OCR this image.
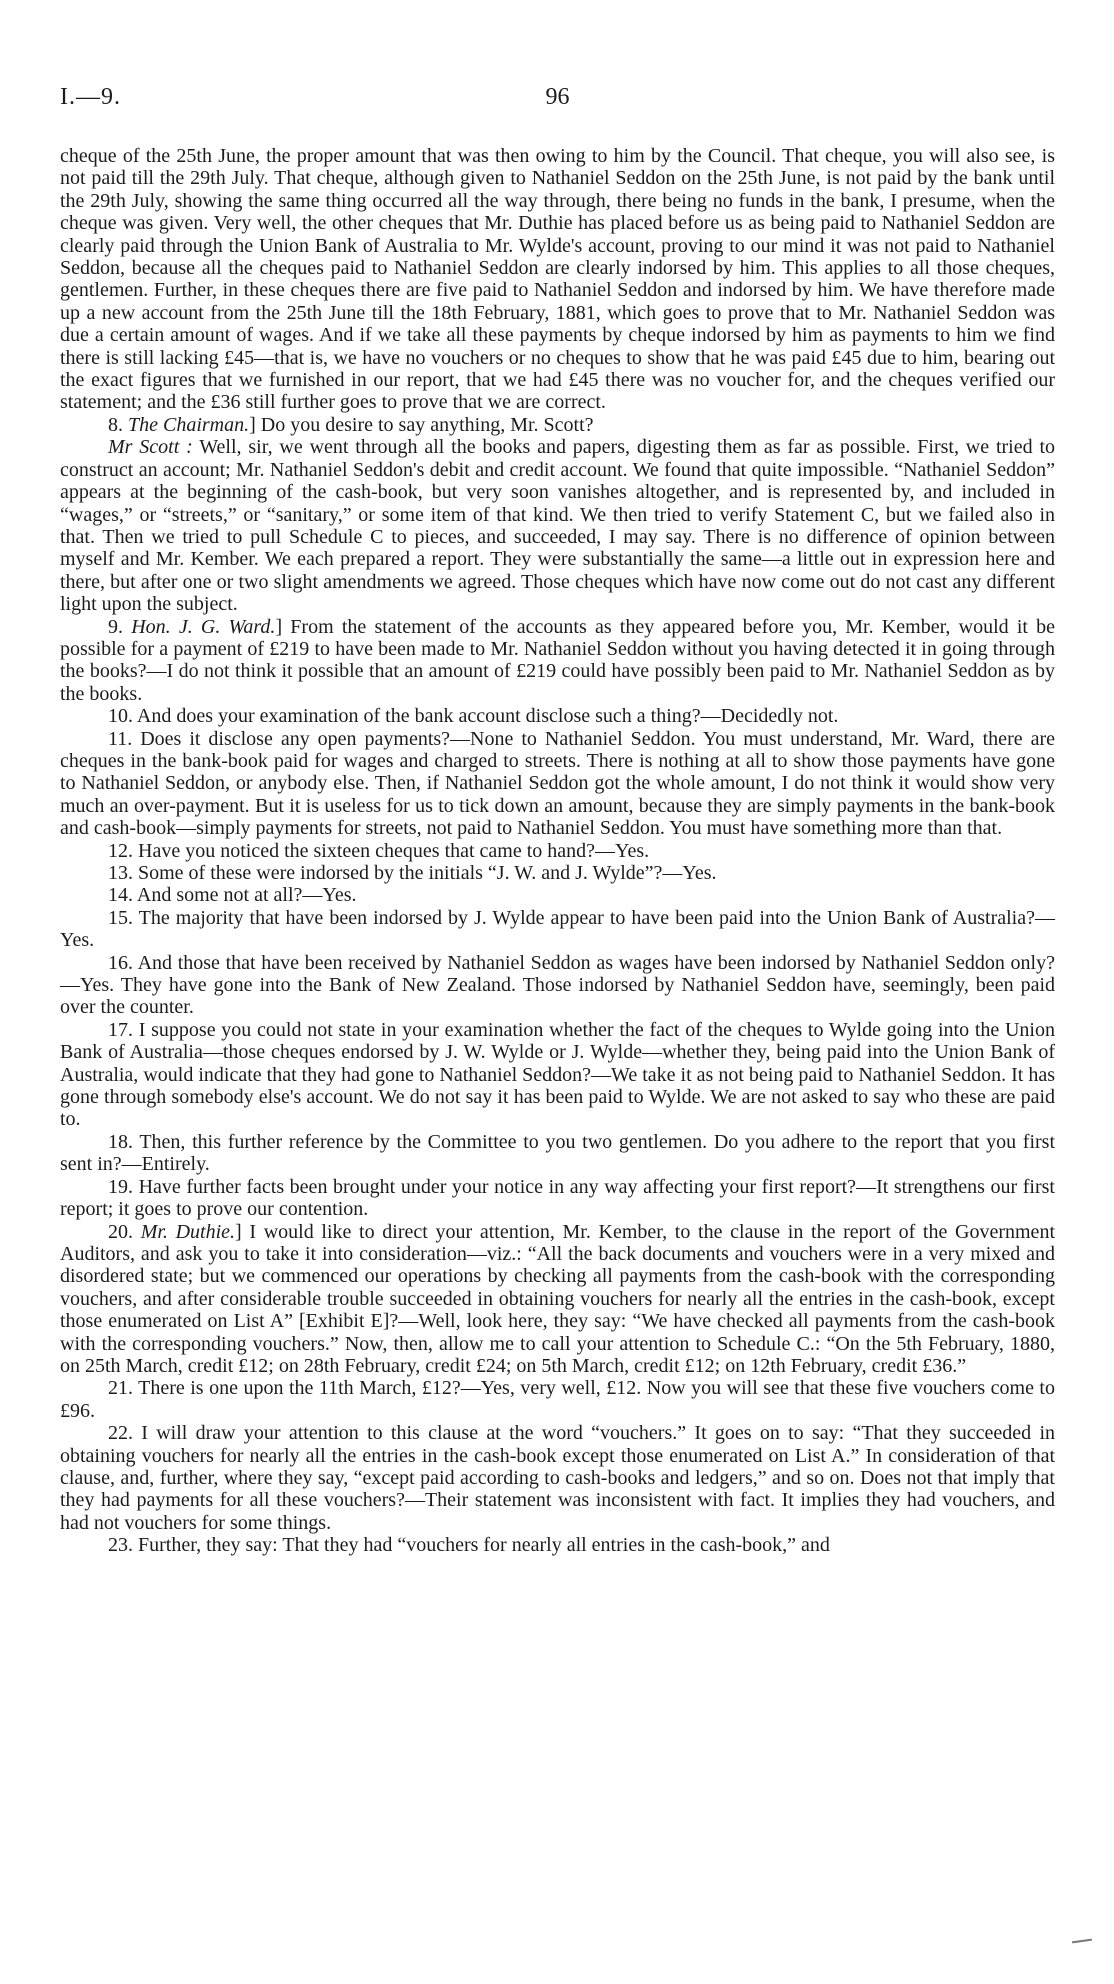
I.—9.	96

cheque of the 25th June, the proper amount that was then owing to him by the Council. That cheque, you will also see, is not paid till the 29th July. That cheque, although given to Nathaniel Seddon on the 25th June, is not paid by the bank until the 29th July, showing the same thing occurred all the way through, there being no funds in the bank, I presume, when the cheque was given. Very well, the other cheques that Mr. Duthie has placed before us as being paid to Nathaniel Seddon are clearly paid through the Union Bank of Australia to Mr. Wylde's account, proving to our mind it was not paid to Nathaniel Seddon, because all the cheques paid to Nathaniel Seddon are clearly indorsed by him. This applies to all those cheques, gentlemen. Further, in these cheques there are five paid to Nathaniel Seddon and indorsed by him. We have therefore made up a new account from the 25th June till the 18th February, 1881, which goes to prove that to Mr. Nathaniel Seddon was due a certain amount of wages. And if we take all these payments by cheque indorsed by him as payments to him we find there is still lacking £45—that is, we have no vouchers or no cheques to show that he was paid £45 due to him, bearing out the exact figures that we furnished in our report, that we had £45 there was no voucher for, and the cheques verified our statement; and the £36 still further goes to prove that we are correct.

8. The Chairman.] Do you desire to say anything, Mr. Scott?

Mr Scott : Well, sir, we went through all the books and papers, digesting them as far as possible. First, we tried to construct an account; Mr. Nathaniel Seddon's debit and credit account. We found that quite impossible. “Nathaniel Seddon” appears at the beginning of the cash-book, but very soon vanishes altogether, and is represented by, and included in “wages,” or “streets,” or “sanitary,” or some item of that kind. We then tried to verify Statement C, but we failed also in that. Then we tried to pull Schedule C to pieces, and succeeded, I may say. There is no difference of opinion between myself and Mr. Kember. We each prepared a report. They were substantially the same—a little out in expression here and there, but after one or two slight amendments we agreed. Those cheques which have now come out do not cast any different light upon the subject.

9. Hon. J. G. Ward.] From the statement of the accounts as they appeared before you, Mr. Kember, would it be possible for a payment of £219 to have been made to Mr. Nathaniel Seddon without you having detected it in going through the books?—I do not think it possible that an amount of £219 could have possibly been paid to Mr. Nathaniel Seddon as by the books.

10. And does your examination of the bank account disclose such a thing?—Decidedly not.

11. Does it disclose any open payments?—None to Nathaniel Seddon. You must understand, Mr. Ward, there are cheques in the bank-book paid for wages and charged to streets. There is nothing at all to show those payments have gone to Nathaniel Seddon, or anybody else. Then, if Nathaniel Seddon got the whole amount, I do not think it would show very much an over-payment. But it is useless for us to tick down an amount, because they are simply payments in the bank-book and cash-book—simply payments for streets, not paid to Nathaniel Seddon. You must have something more than that.

12. Have you noticed the sixteen cheques that came to hand?—Yes.

13. Some of these were indorsed by the initials “J. W. and J. Wylde”?—Yes.

14. And some not at all?—Yes.

15. The majority that have been indorsed by J. Wylde appear to have been paid into the Union Bank of Australia?—Yes.

16. And those that have been received by Nathaniel Seddon as wages have been indorsed by Nathaniel Seddon only?—Yes. They have gone into the Bank of New Zealand. Those indorsed by Nathaniel Seddon have, seemingly, been paid over the counter.

17. I suppose you could not state in your examination whether the fact of the cheques to Wylde going into the Union Bank of Australia—those cheques endorsed by J. W. Wylde or J. Wylde—whether they, being paid into the Union Bank of Australia, would indicate that they had gone to Nathaniel Seddon?—We take it as not being paid to Nathaniel Seddon. It has gone through somebody else's account. We do not say it has been paid to Wylde. We are not asked to say who these are paid to.

18. Then, this further reference by the Committee to you two gentlemen. Do you adhere to the report that you first sent in?—Entirely.

19. Have further facts been brought under your notice in any way affecting your first report?—It strengthens our first report; it goes to prove our contention.

20. Mr. Duthie.] I would like to direct your attention, Mr. Kember, to the clause in the report of the Government Auditors, and ask you to take it into consideration—viz.: “All the back documents and vouchers were in a very mixed and disordered state; but we commenced our operations by checking all payments from the cash-book with the corresponding vouchers, and after considerable trouble succeeded in obtaining vouchers for nearly all the entries in the cash-book, except those enumerated on List A” [Exhibit E]?—Well, look here, they say: “We have checked all payments from the cash-book with the corresponding vouchers.” Now, then, allow me to call your attention to Schedule C.: “On the 5th February, 1880, on 25th March, credit £12; on 28th February, credit £24; on 5th March, credit £12; on 12th February, credit £36.”

21. There is one upon the 11th March, £12?—Yes, very well, £12. Now you will see that these five vouchers come to £96.

22. I will draw your attention to this clause at the word “vouchers.” It goes on to say: “That they succeeded in obtaining vouchers for nearly all the entries in the cash-book except those enumerated on List A.” In consideration of that clause, and, further, where they say, “except paid according to cash-books and ledgers,” and so on. Does not that imply that they had payments for all these vouchers?—Their statement was inconsistent with fact. It implies they had vouchers, and had not vouchers for some things.

23. Further, they say: That they had “vouchers for nearly all entries in the cash-book,” and
